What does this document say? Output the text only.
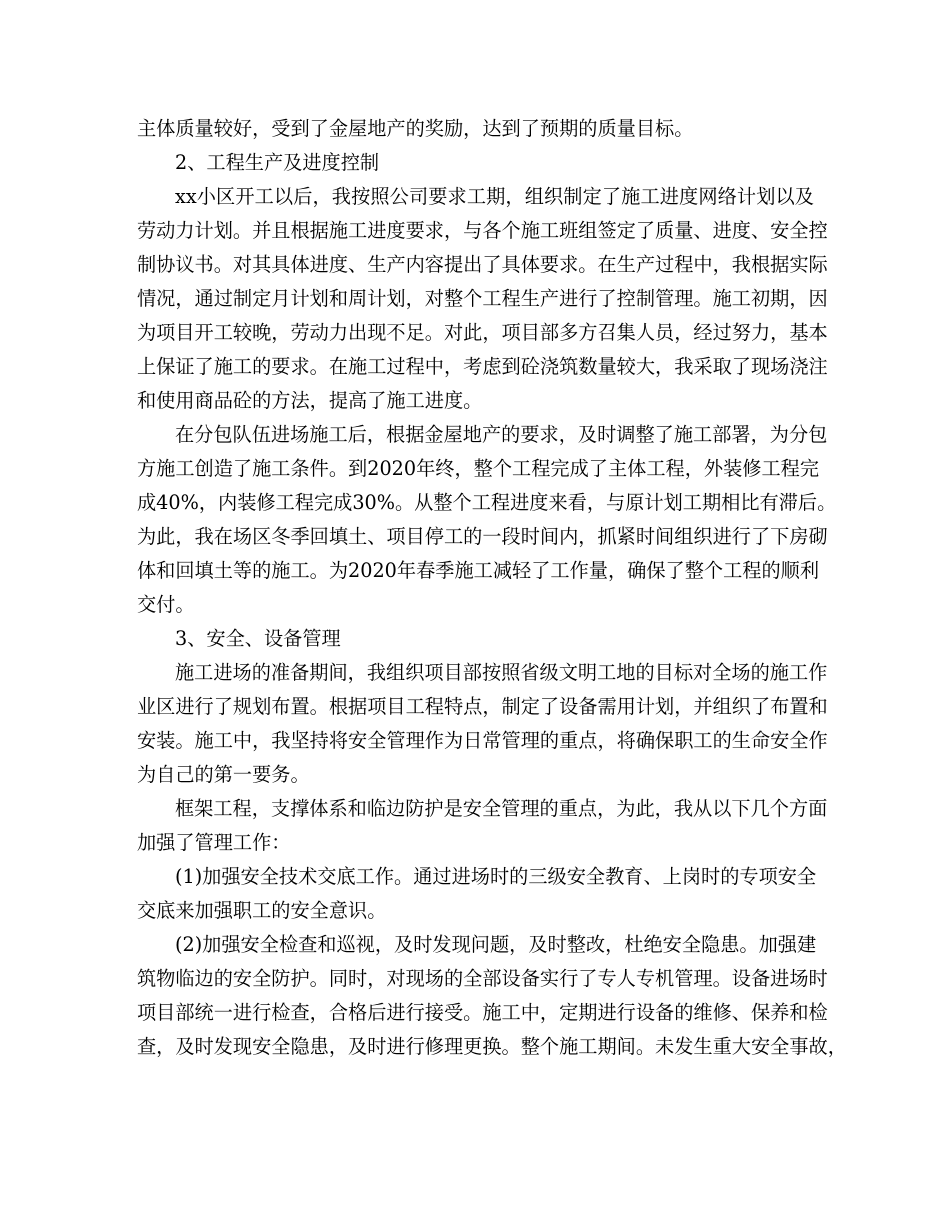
主体质量较好，受到了金屋地产的奖励，达到了预期的质量目标。
2、工程生产及进度控制
xx小区开工以后，我按照公司要求工期，组织制定了施工进度网络计划以及
劳动力计划。并且根据施工进度要求，与各个施工班组签定了质量、进度、安全控
制协议书。对其具体进度、生产内容提出了具体要求。在生产过程中，我根据实际
情况，通过制定月计划和周计划，对整个工程生产进行了控制管理。施工初期，因
为项目开工较晚，劳动力出现不足。对此，项目部多方召集人员，经过努力，基本
上保证了施工的要求。在施工过程中，考虑到砼浇筑数量较大，我采取了现场浇注
和使用商品砼的方法，提高了施工进度。
在分包队伍进场施工后，根据金屋地产的要求，及时调整了施工部署，为分包
方施工创造了施工条件。到2020年终，整个工程完成了主体工程，外装修工程完
成40%，内装修工程完成30%。从整个工程进度来看，与原计划工期相比有滞后。
为此，我在场区冬季回填土、项目停工的一段时间内，抓紧时间组织进行了下房砌
体和回填土等的施工。为2020年春季施工减轻了工作量，确保了整个工程的顺利
交付。
3、安全、设备管理
施工进场的准备期间，我组织项目部按照省级文明工地的目标对全场的施工作
业区进行了规划布置。根据项目工程特点，制定了设备需用计划，并组织了布置和
安装。施工中，我坚持将安全管理作为日常管理的重点，将确保职工的生命安全作
为自己的第一要务。
框架工程，支撑体系和临边防护是安全管理的重点，为此，我从以下几个方面
加强了管理工作：
(1)加强安全技术交底工作。通过进场时的三级安全教育、上岗时的专项安全
交底来加强职工的安全意识。
(2)加强安全检查和巡视，及时发现问题，及时整改，杜绝安全隐患。加强建
筑物临边的安全防护。同时，对现场的全部设备实行了专人专机管理。设备进场时
项目部统一进行检查，合格后进行接受。施工中，定期进行设备的维修、保养和检
查，及时发现安全隐患，及时进行修理更换。整个施工期间。未发生重大安全事故，
